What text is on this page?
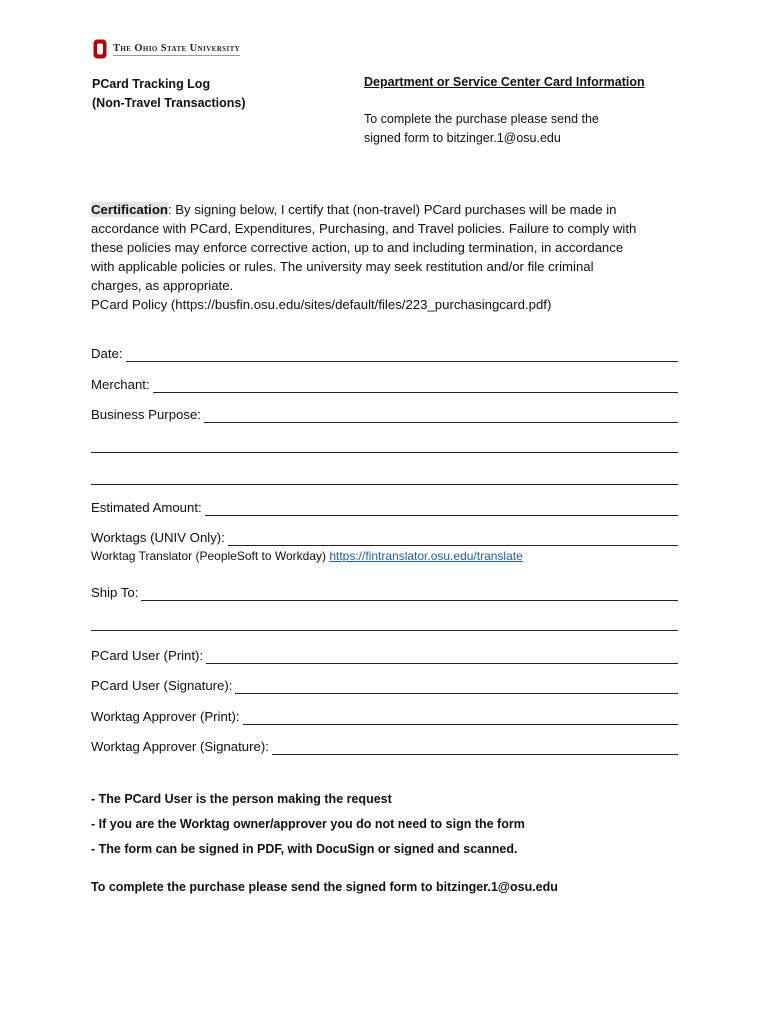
The Ohio State University
PCard Tracking Log
(Non-Travel Transactions)
Department or Service Center Card Information
To complete the purchase please send the
signed form to bitzinger.1@osu.edu
Certification: By signing below, I certify that (non-travel) PCard purchases will be made in
accordance with PCard, Expenditures, Purchasing, and Travel policies. Failure to comply with
these policies may enforce corrective action, up to and including termination, in accordance
with applicable policies or rules. The university may seek restitution and/or file criminal
charges, as appropriate.
PCard Policy (https://busfin.osu.edu/sites/default/files/223_purchasingcard.pdf)
Date:
Merchant:
Business Purpose:
Estimated Amount:
Worktags (UNIV Only):
Worktag Translator (PeopleSoft to Workday) https://fintranslator.osu.edu/translate
Ship To:
PCard User (Print):
PCard User (Signature):
Worktag Approver (Print):
Worktag Approver (Signature):
- The PCard User is the person making the request
- If you are the Worktag owner/approver you do not need to sign the form
- The form can be signed in PDF, with DocuSign or signed and scanned.
To complete the purchase please send the signed form to bitzinger.1@osu.edu
